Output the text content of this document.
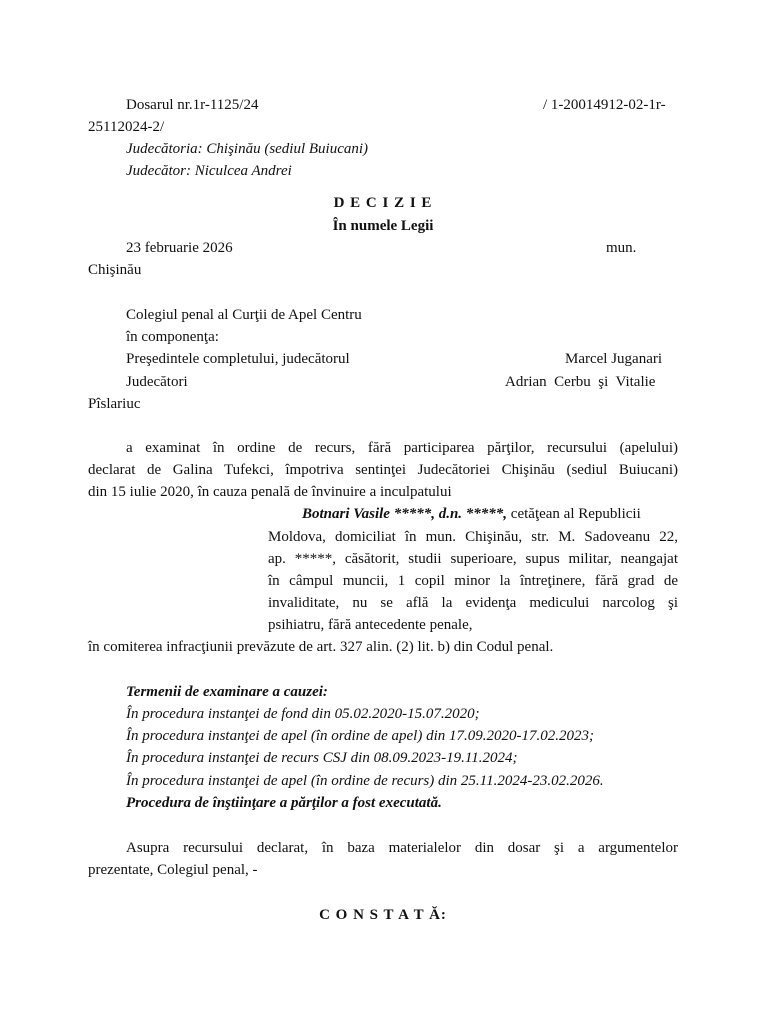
Dosarul nr.1r-1125/24	/ 1-20014912-02-1r-
25112024-2/
Judecătoria: Chişinău (sediul Buiucani)
Judecător: Niculcea Andrei
D E C I Z I E
În numele Legii
23 februarie 2026	mun.
Chişinău
Colegiul penal al Curţii de Apel Centru
în componenţa:
Preşedintele completului, judecătorul	Marcel Juganari
Judecători	Adrian  Cerbu  şi  Vitalie
Pîslariuc
a examinat în ordine de recurs, fără participarea părţilor, recursului (apelului)
declarat de Galina Tufekci, împotriva sentinţei Judecătoriei Chişinău (sediul Buiucani)
din 15 iulie 2020, în cauza penală de învinuire a inculpatului
Botnari Vasile *****, d.n. *****, cetăţean al Republicii
Moldova, domiciliat în mun. Chişinău, str. M. Sadoveanu 22,
ap. *****, căsătorit, studii superioare, supus militar, neangajat
în câmpul muncii, 1 copil minor la întreţinere, fără grad de
invaliditate, nu se află la evidenţa medicului narcolog şi
psihiatru, fără antecedente penale,
în comiterea infracţiunii prevăzute de art. 327 alin. (2) lit. b) din Codul penal.
Termenii de examinare a cauzei:
În procedura instanţei de fond din 05.02.2020-15.07.2020;
În procedura instanţei de apel (în ordine de apel) din 17.09.2020-17.02.2023;
În procedura instanţei de recurs CSJ din 08.09.2023-19.11.2024;
În procedura instanţei de apel (în ordine de recurs) din 25.11.2024-23.02.2026.
Procedura de înştiinţare a părţilor a fost executată.
Asupra recursului declarat, în baza materialelor din dosar şi a argumentelor
prezentate, Colegiul penal, -
C O N S T A T Ă:
